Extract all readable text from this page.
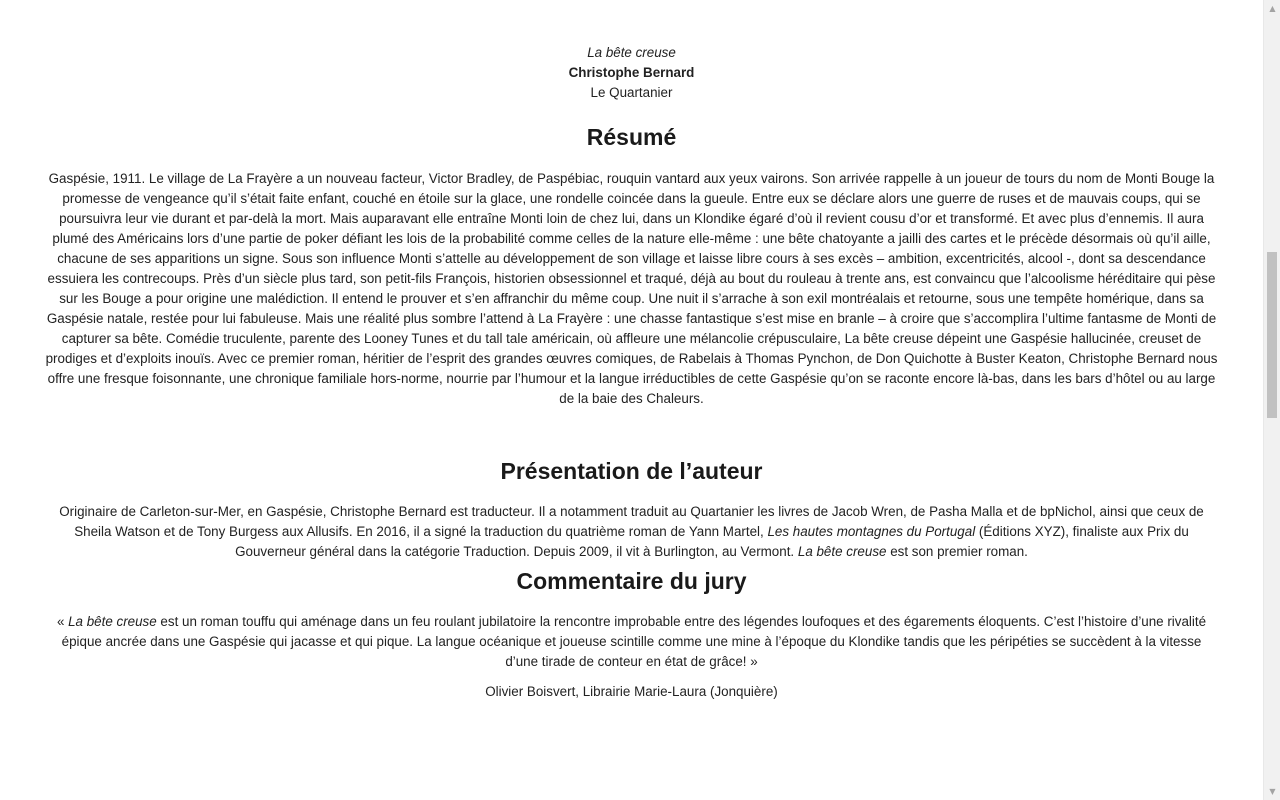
La bête creuse

Christophe Bernard

Le Quartanier

Résumé

Gaspésie, 1911. Le village de La Frayère a un nouveau facteur, Victor Bradley, de Paspébiac, rouquin vantard aux yeux vairons. Son arrivée rappelle à un joueur de tours du nom de Monti Bouge la promesse de vengeance qu’il s’était faite enfant, couché en étoile sur la glace, une rondelle coincée dans la gueule. Entre eux se déclare alors une guerre de ruses et de mauvais coups, qui se poursuivra leur vie durant et par-delà la mort. Mais auparavant elle entraîne Monti loin de chez lui, dans un Klondike égaré d’où il revient cousu d’or et transformé. Et avec plus d’ennemis. Il aura plumé des Américains lors d’une partie de poker défiant les lois de la probabilité comme celles de la nature elle-même : une bête chatoyante a jailli des cartes et le précède désormais où qu’il aille, chacune de ses apparitions un signe. Sous son influence Monti s’attelle au développement de son village et laisse libre cours à ses excès – ambition, excentricités, alcool -, dont sa descendance essuiera les contrecoups. Près d’un siècle plus tard, son petit-fils François, historien obsessionnel et traqué, déjà au bout du rouleau à trente ans, est convaincu que l’alcoolisme héréditaire qui pèse sur les Bouge a pour origine une malédiction. Il entend le prouver et s’en affranchir du même coup. Une nuit il s’arrache à son exil montréalais et retourne, sous une tempête homérique, dans sa Gaspésie natale, restée pour lui fabuleuse. Mais une réalité plus sombre l’attend à La Frayère : une chasse fantastique s’est mise en branle – à croire que s’accomplira l’ultime fantasme de Monti de capturer sa bête. Comédie truculente, parente des Looney Tunes et du tall tale américain, où affleure une mélancolie crépusculaire, La bête creuse dépeint une Gaspésie hallucinée, creuset de prodiges et d’exploits inouïs. Avec ce premier roman, héritier de l’esprit des grandes œuvres comiques, de Rabelais à Thomas Pynchon, de Don Quichotte à Buster Keaton, Christophe Bernard nous offre une fresque foisonnante, une chronique familiale hors-norme, nourrie par l’humour et la langue irréductibles de cette Gaspésie qu’on se raconte encore là-bas, dans les bars d’hôtel ou au large de la baie des Chaleurs.

Présentation de l’auteur

Originaire de Carleton-sur-Mer, en Gaspésie, Christophe Bernard est traducteur. Il a notamment traduit au Quartanier les livres de Jacob Wren, de Pasha Malla et de bpNichol, ainsi que ceux de Sheila Watson et de Tony Burgess aux Allusifs. En 2016, il a signé la traduction du quatrième roman de Yann Martel, Les hautes montagnes du Portugal (Éditions XYZ), finaliste aux Prix du Gouverneur général dans la catégorie Traduction. Depuis 2009, il vit à Burlington, au Vermont. La bête creuse est son premier roman.

Commentaire du jury

« La bête creuse est un roman touffu qui aménage dans un feu roulant jubilatoire la rencontre improbable entre des légendes loufoques et des égarements éloquents. C’est l’histoire d’une rivalité épique ancrée dans une Gaspésie qui jacasse et qui pique. La langue océanique et joueuse scintille comme une mine à l’époque du Klondike tandis que les péripéties se succèdent à la vitesse d’une tirade de conteur en état de grâce! »

Olivier Boisvert, Librairie Marie-Laura (Jonquière)

▲
▼
